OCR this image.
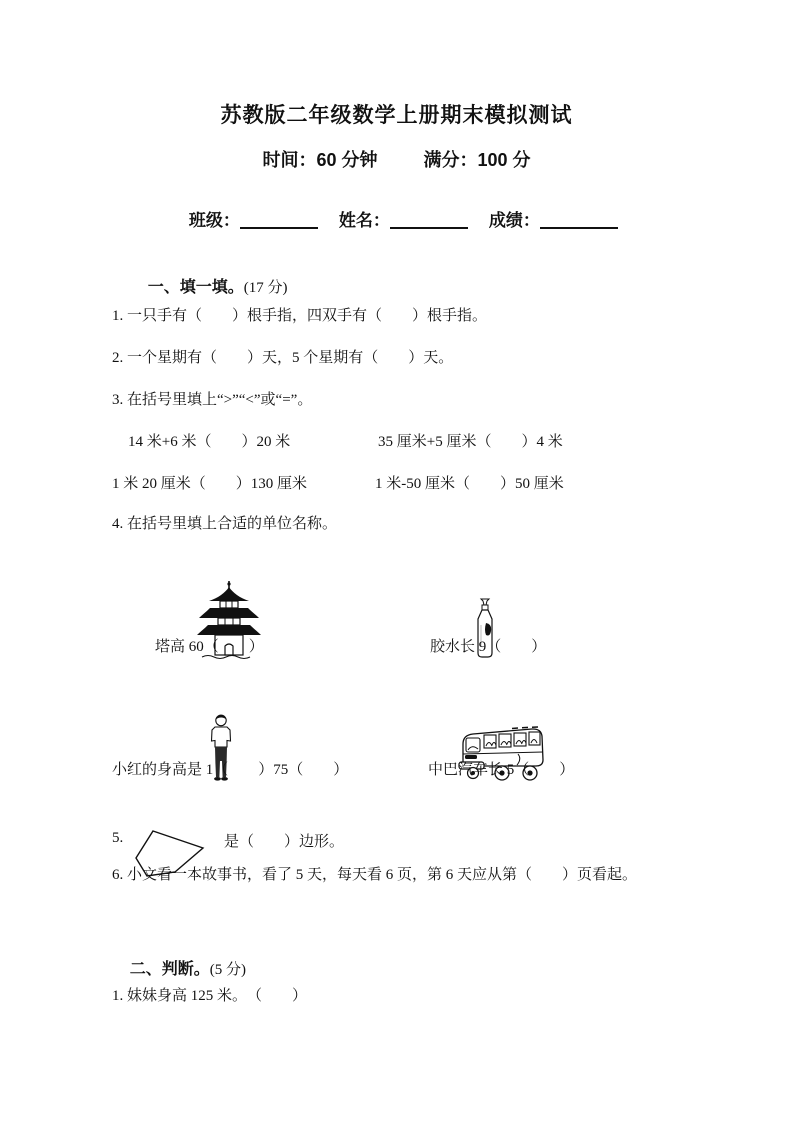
苏教版二年级数学上册期末模拟测试
时间：60 分钟	满分：100 分

班级：	姓名：	成绩：

一、填一填。(17 分)

1. 一只手有（　　）根手指，四双手有（　　）根手指。
2. 一个星期有（　　）天，5 个星期有（　　）天。
3. 在括号里填上“>”“<”或“=”。
14 米+6 米（　　）20 米	35 厘米+5 厘米（　　）4 米
1 米 20 厘米（　　）130 厘米	1 米-50 厘米（　　）50 厘米
4. 在括号里填上合适的单位名称。

塔高 60（　　）	胶水长 9（　　）

小红的身高是 1（　　）75（　　）	中巴汽车长 5（　　）
5.

	是（　　）边形。
6. 小文看一本故事书，看了 5 天，每天看 6 页，第 6 天应从第（　　）页看起。

二、判断。(5 分)

1. 妹妹身高 125 米。　（　　）
